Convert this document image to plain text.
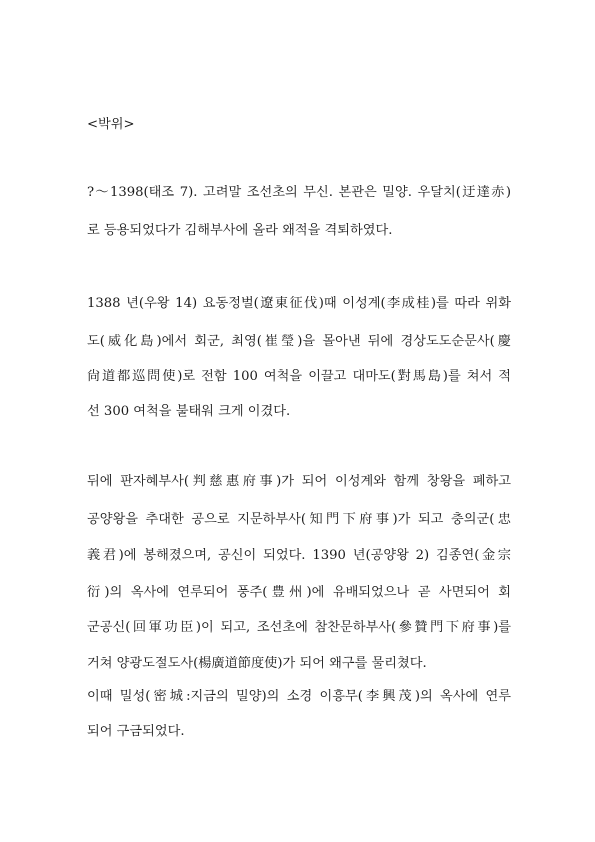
<박위>
?～1398(태조 7). 고려말 조선초의 무신. 본관은 밀양. 우달치(迂達赤)
로 등용되었다가 김해부사에 올라 왜적을 격퇴하였다.
1388 년(우왕 14) 요동정벌(遼東征伐)때 이성계(李成桂)를 따라 위화
도(威化島)에서 회군, 최영(崔瑩)을 몰아낸 뒤에 경상도도순문사(慶
尙道都巡問使)로 전함 100 여척을 이끌고 대마도(對馬島)를 쳐서 적
선 300 여척을 불태워 크게 이겼다.
뒤에 판자혜부사(判慈惠府事)가 되어 이성계와 함께 창왕을 폐하고
공양왕을 추대한 공으로 지문하부사(知門下府事)가 되고 충의군(忠
義君)에 봉해졌으며, 공신이 되었다. 1390 년(공양왕 2) 김종연(金宗
衍)의 옥사에 연루되어 풍주(豊州)에 유배되었으나 곧 사면되어 회
군공신(回軍功臣)이 되고, 조선초에 참찬문하부사(參贊門下府事)를
거쳐 양광도절도사(楊廣道節度使)가 되어 왜구를 물리쳤다.
이때 밀성(密城:지금의 밀양)의 소경 이흥무(李興茂)의 옥사에 연루
되어 구금되었다.
